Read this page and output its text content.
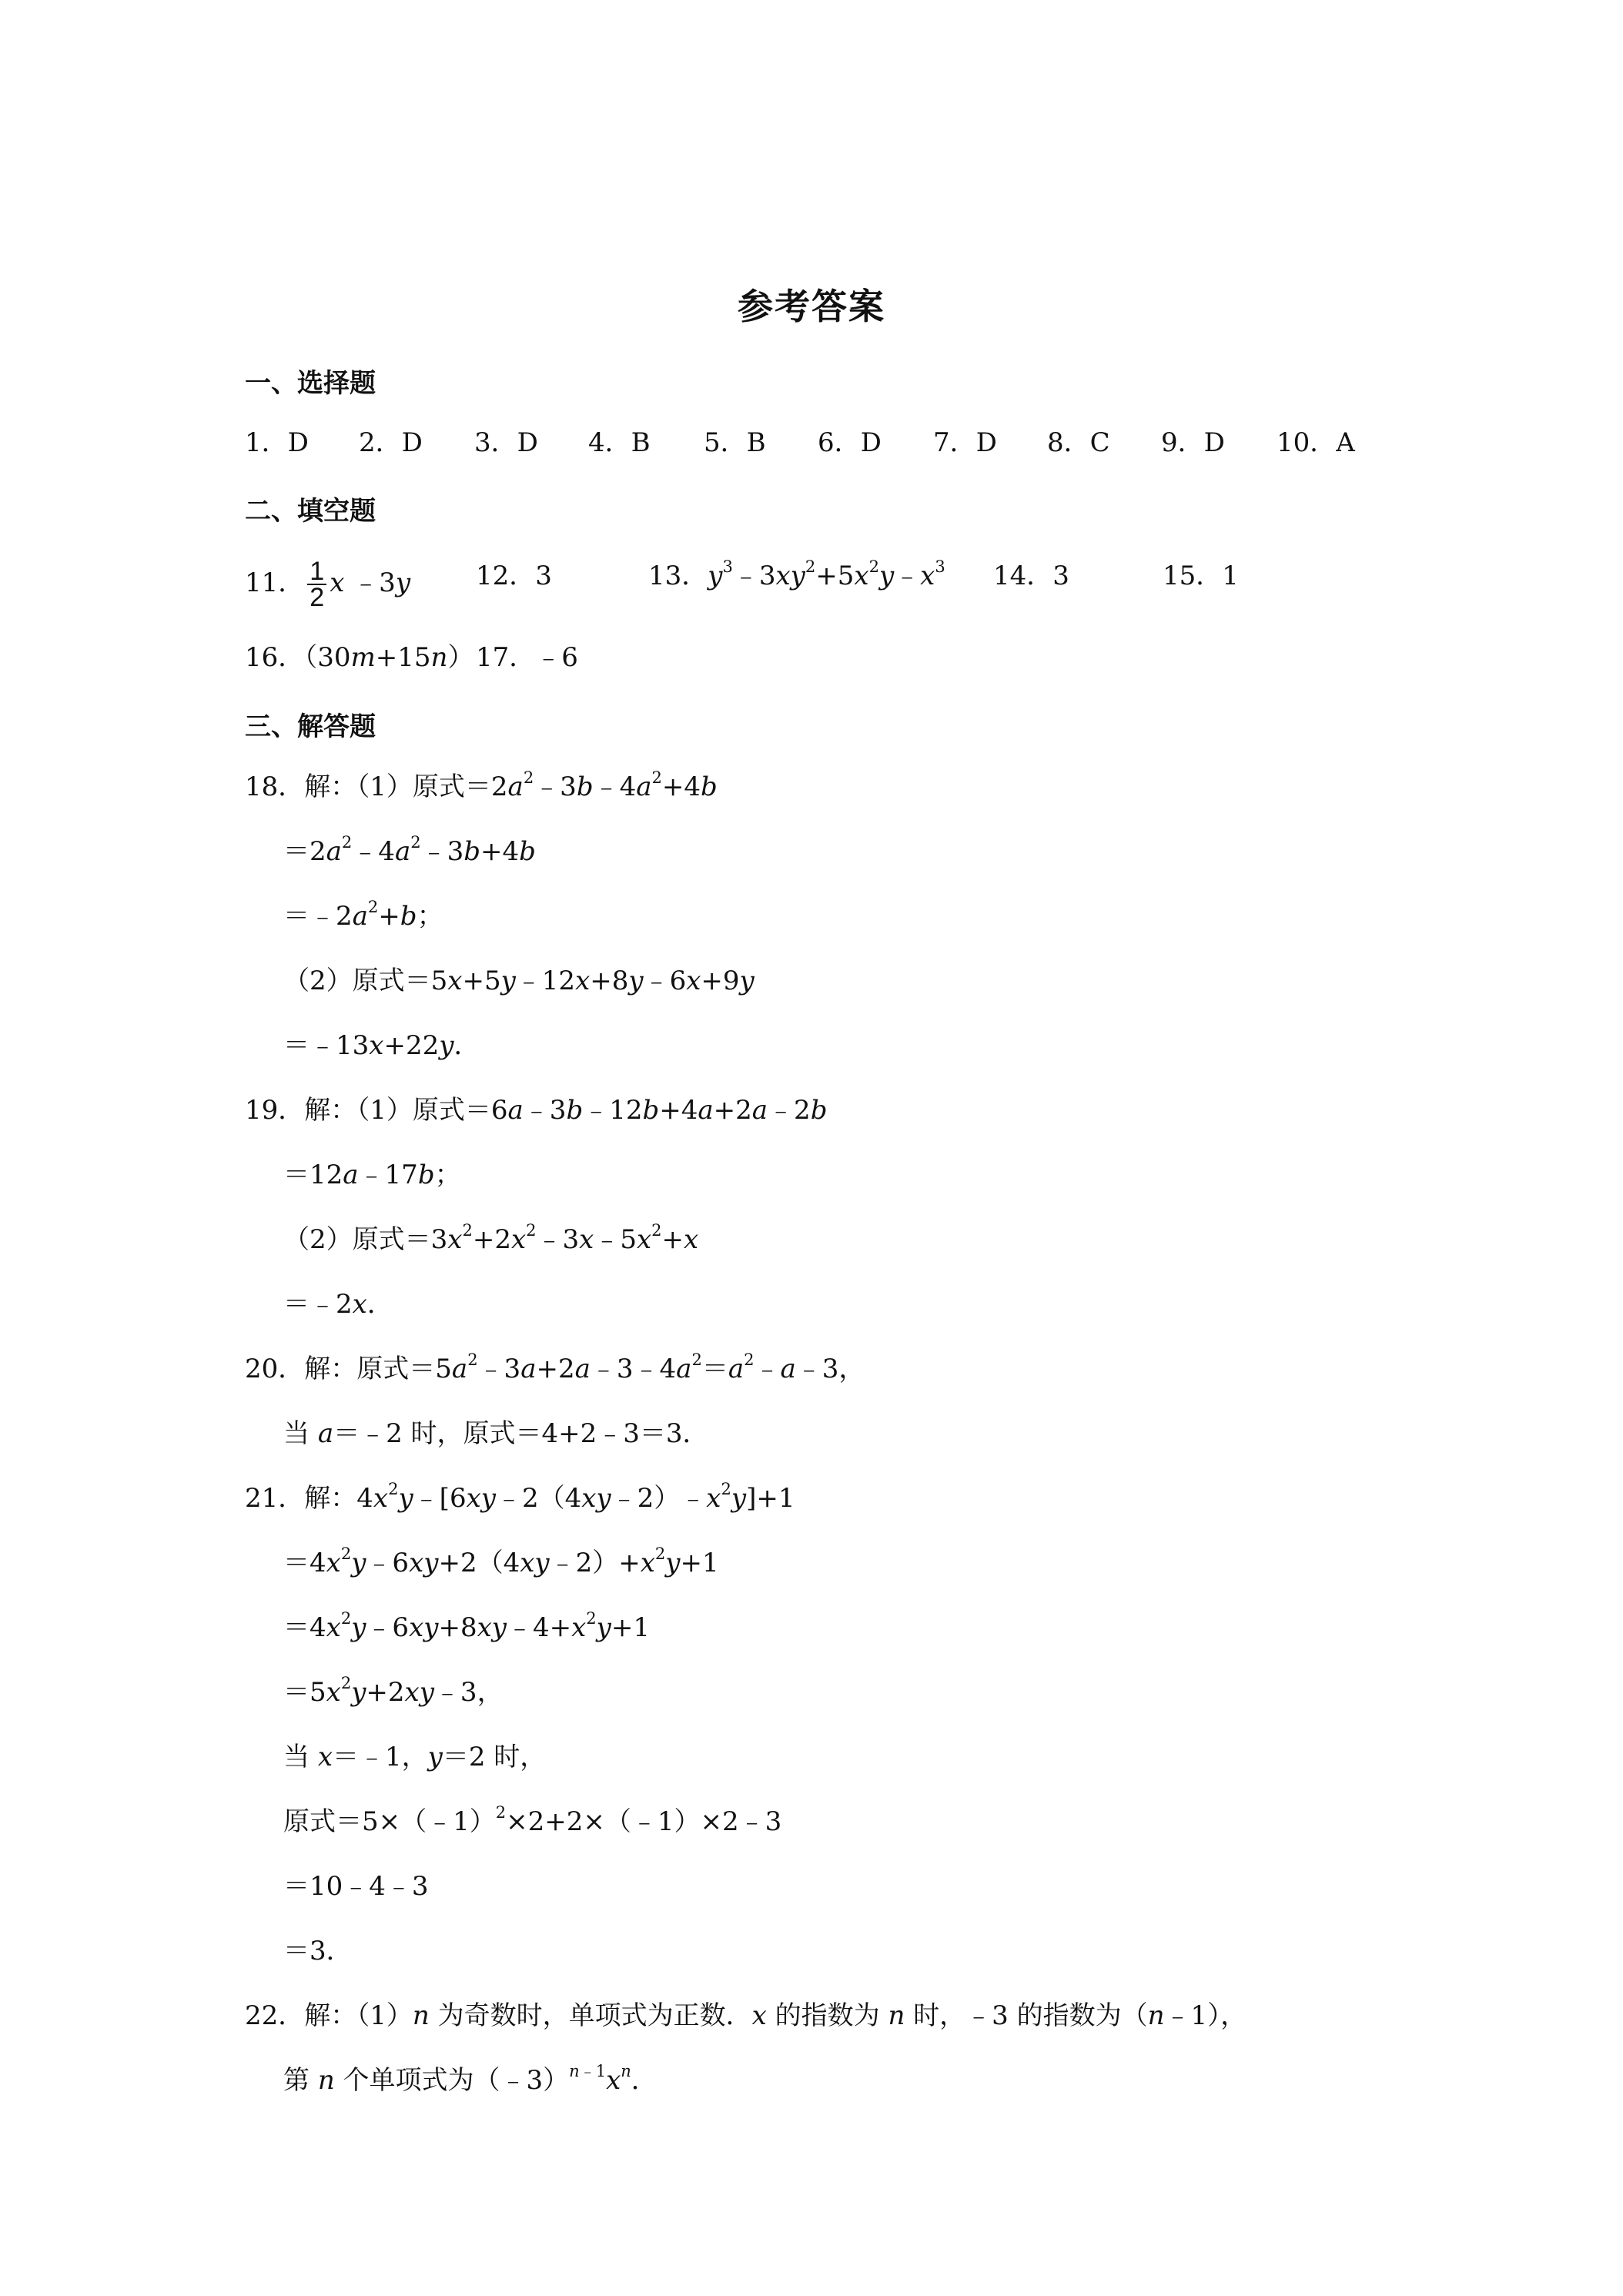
参考答案
一、选择题
1．D 2．D 3．D 4．B 5．B 6．D 7．D 8．C 9．D 10．A
二、填空题
11． $\frac{1}{2}$ x ﹣3y 12．3	13．$y^3﹣3xy^2+5x^2y﹣x^3$ 14．3	15．1
16．（30m+15n） 17．﹣6
三、解答题
18．解：（1）原式$=2a^2﹣3b﹣4a^2+4b$
$=2a^2﹣4a^2﹣3b+4b$
$=﹣2a^2+b$；
（2）原式＝5x+5y﹣12x+8y﹣6x+9y
＝﹣13x+22y．
19．解：（1）原式＝6a﹣3b﹣12b+4a+2a﹣2b
＝12a﹣17b；
（2）原式$=3x^2+2x^2﹣3x﹣5x^2+x$
＝﹣2x．
20．解：原式$=5a^2﹣3a+2a﹣3﹣4a^2=a^2﹣a﹣3$，
当 a＝﹣2 时，原式＝4+2﹣3＝3．
21．解：$4x^2y﹣[6xy﹣2(4xy﹣2)﹣x^2y]+1$
$=4x^2y﹣6xy+2(4xy﹣2)+x^2y+1$
$=4x^2y﹣6xy+8xy﹣4+x^2y+1$
$=5x^2y+2xy﹣3$，
当 x＝﹣1，y＝2 时，
原式＝5×（﹣1）$^2$×2+2×（﹣1）×2﹣3
＝10﹣4﹣3
＝3．
22．解：（1）n 为奇数时，单项式为正数．x 的指数为 n 时，﹣3 的指数为（n﹣1），
第 n 个单项式为$(﹣3)^{n﹣1}x^n$．
